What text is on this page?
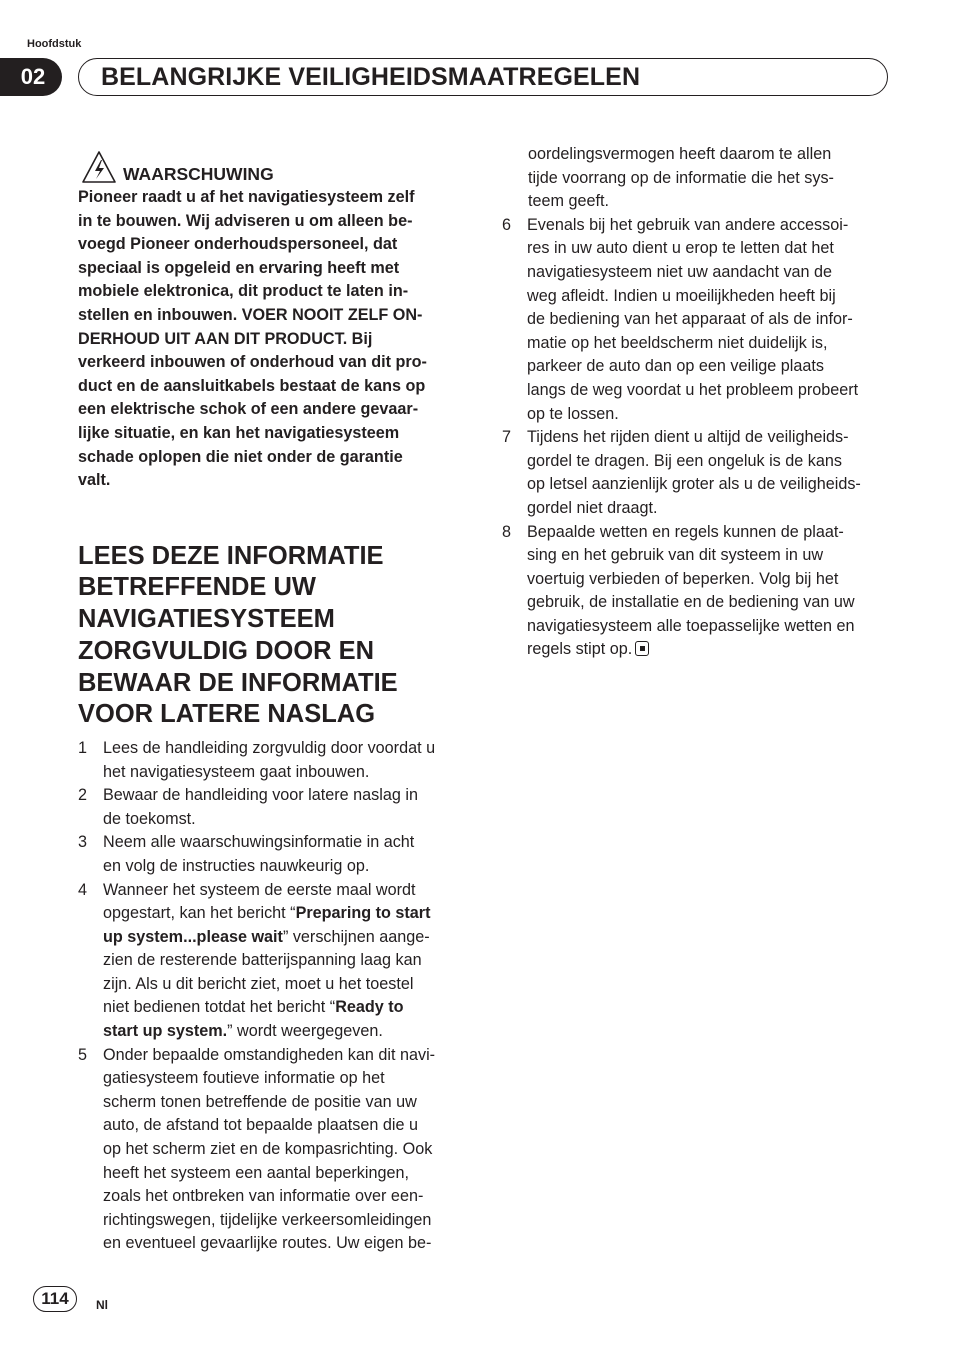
Hoofdstuk
02	BELANGRIJKE VEILIGHEIDSMAATREGELEN
WAARSCHUWING
Pioneer raadt u af het navigatiesysteem zelf
in te bouwen. Wij adviseren u om alleen be-
voegd Pioneer onderhoudspersoneel, dat
speciaal is opgeleid en ervaring heeft met
mobiele elektronica, dit product te laten in-
stellen en inbouwen. VOER NOOIT ZELF ON-
DERHOUD UIT AAN DIT PRODUCT. Bij
verkeerd inbouwen of onderhoud van dit pro-
duct en de aansluitkabels bestaat de kans op
een elektrische schok of een andere gevaar-
lijke situatie, en kan het navigatiesysteem
schade oplopen die niet onder de garantie
valt.
LEES DEZE INFORMATIE
BETREFFENDE UW
NAVIGATIESYSTEEM
ZORGVULDIG DOOR EN
BEWAAR DE INFORMATIE
VOOR LATERE NASLAG
1 Lees de handleiding zorgvuldig door voordat u
het navigatiesysteem gaat inbouwen.
2 Bewaar de handleiding voor latere naslag in
de toekomst.
3 Neem alle waarschuwingsinformatie in acht
en volg de instructies nauwkeurig op.
4 Wanneer het systeem de eerste maal wordt
opgestart, kan het bericht “Preparing to start
up system...please wait” verschijnen aange-
zien de resterende batterijspanning laag kan
zijn. Als u dit bericht ziet, moet u het toestel
niet bedienen totdat het bericht “Ready to
start up system.” wordt weergegeven.
5 Onder bepaalde omstandigheden kan dit navi-
gatiesysteem foutieve informatie op het
scherm tonen betreffende de positie van uw
auto, de afstand tot bepaalde plaatsen die u
op het scherm ziet en de kompasrichting. Ook
heeft het systeem een aantal beperkingen,
zoals het ontbreken van informatie over een-
richtingswegen, tijdelijke verkeersomleidingen
en eventueel gevaarlijke routes. Uw eigen be-
oordelingsvermogen heeft daarom te allen
tijde voorrang op de informatie die het sys-
teem geeft.
6 Evenals bij het gebruik van andere accessoi-
res in uw auto dient u erop te letten dat het
navigatiesysteem niet uw aandacht van de
weg afleidt. Indien u moeilijkheden heeft bij
de bediening van het apparaat of als de infor-
matie op het beeldscherm niet duidelijk is,
parkeer de auto dan op een veilige plaats
langs de weg voordat u het probleem probeert
op te lossen.
7 Tijdens het rijden dient u altijd de veiligheids-
gordel te dragen. Bij een ongeluk is de kans
op letsel aanzienlijk groter als u de veiligheids-
gordel niet draagt.
8 Bepaalde wetten en regels kunnen de plaat-
sing en het gebruik van dit systeem in uw
voertuig verbieden of beperken. Volg bij het
gebruik, de installatie en de bediening van uw
navigatiesysteem alle toepasselijke wetten en
regels stipt op.
114	Nl
